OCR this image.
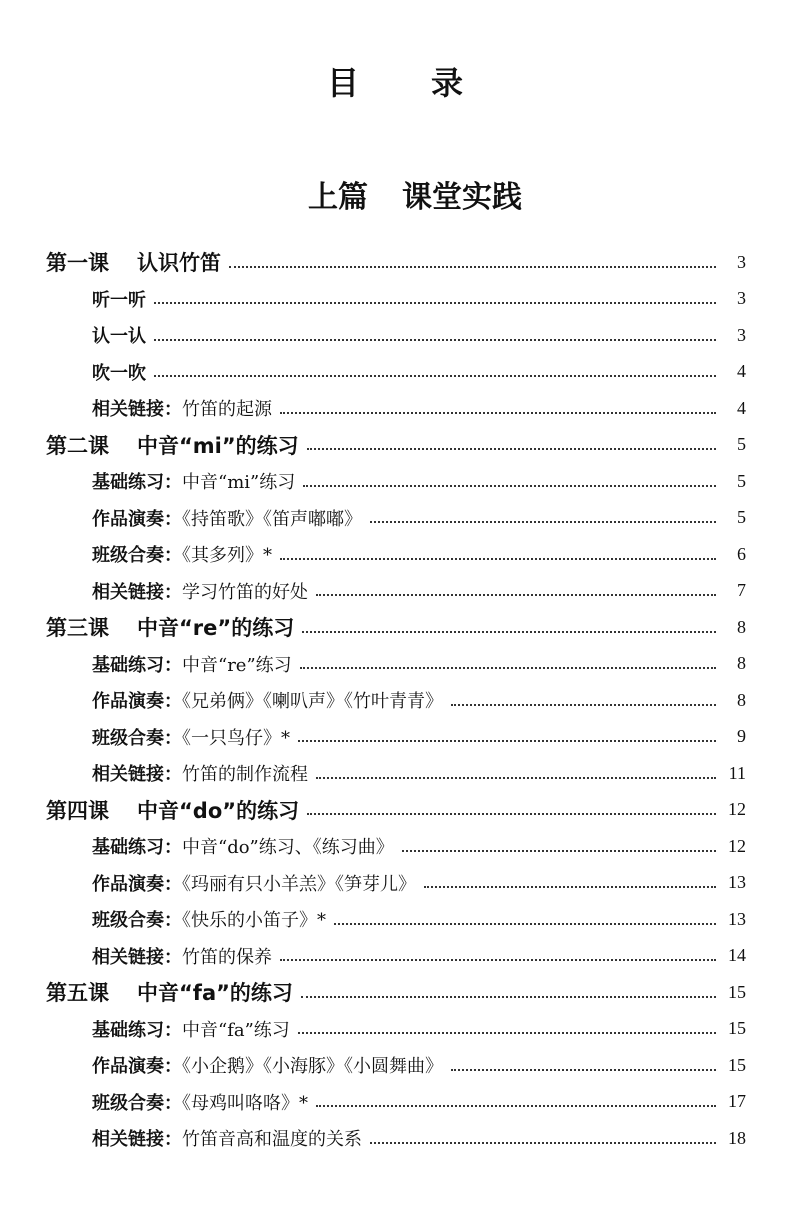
目 录
上篇 课堂实践
第一课 认识竹笛	3
听一听	3
认一认	3
吹一吹	4
相关链接：竹笛的起源	4
第二课 中音“mi”的练习	5
基础练习：中音“mi”练习	5
作品演奏：《持笛歌》《笛声嘟嘟》	5
班级合奏：《其多列》*	6
相关链接：学习竹笛的好处	7
第三课 中音“re”的练习	8
基础练习：中音“re”练习	8
作品演奏：《兄弟俩》《喇叭声》《竹叶青青》	8
班级合奏：《一只鸟仔》*	9
相关链接：竹笛的制作流程	11
第四课 中音“do”的练习	12
基础练习：中音“do”练习、《练习曲》	12
作品演奏：《玛丽有只小羊羔》《笋芽儿》	13
班级合奏：《快乐的小笛子》*	13
相关链接：竹笛的保养	14
第五课 中音“fa”的练习	15
基础练习：中音“fa”练习	15
作品演奏：《小企鹅》《小海豚》《小圆舞曲》	15
班级合奏：《母鸡叫咯咯》*	17
相关链接：竹笛音高和温度的关系	18
